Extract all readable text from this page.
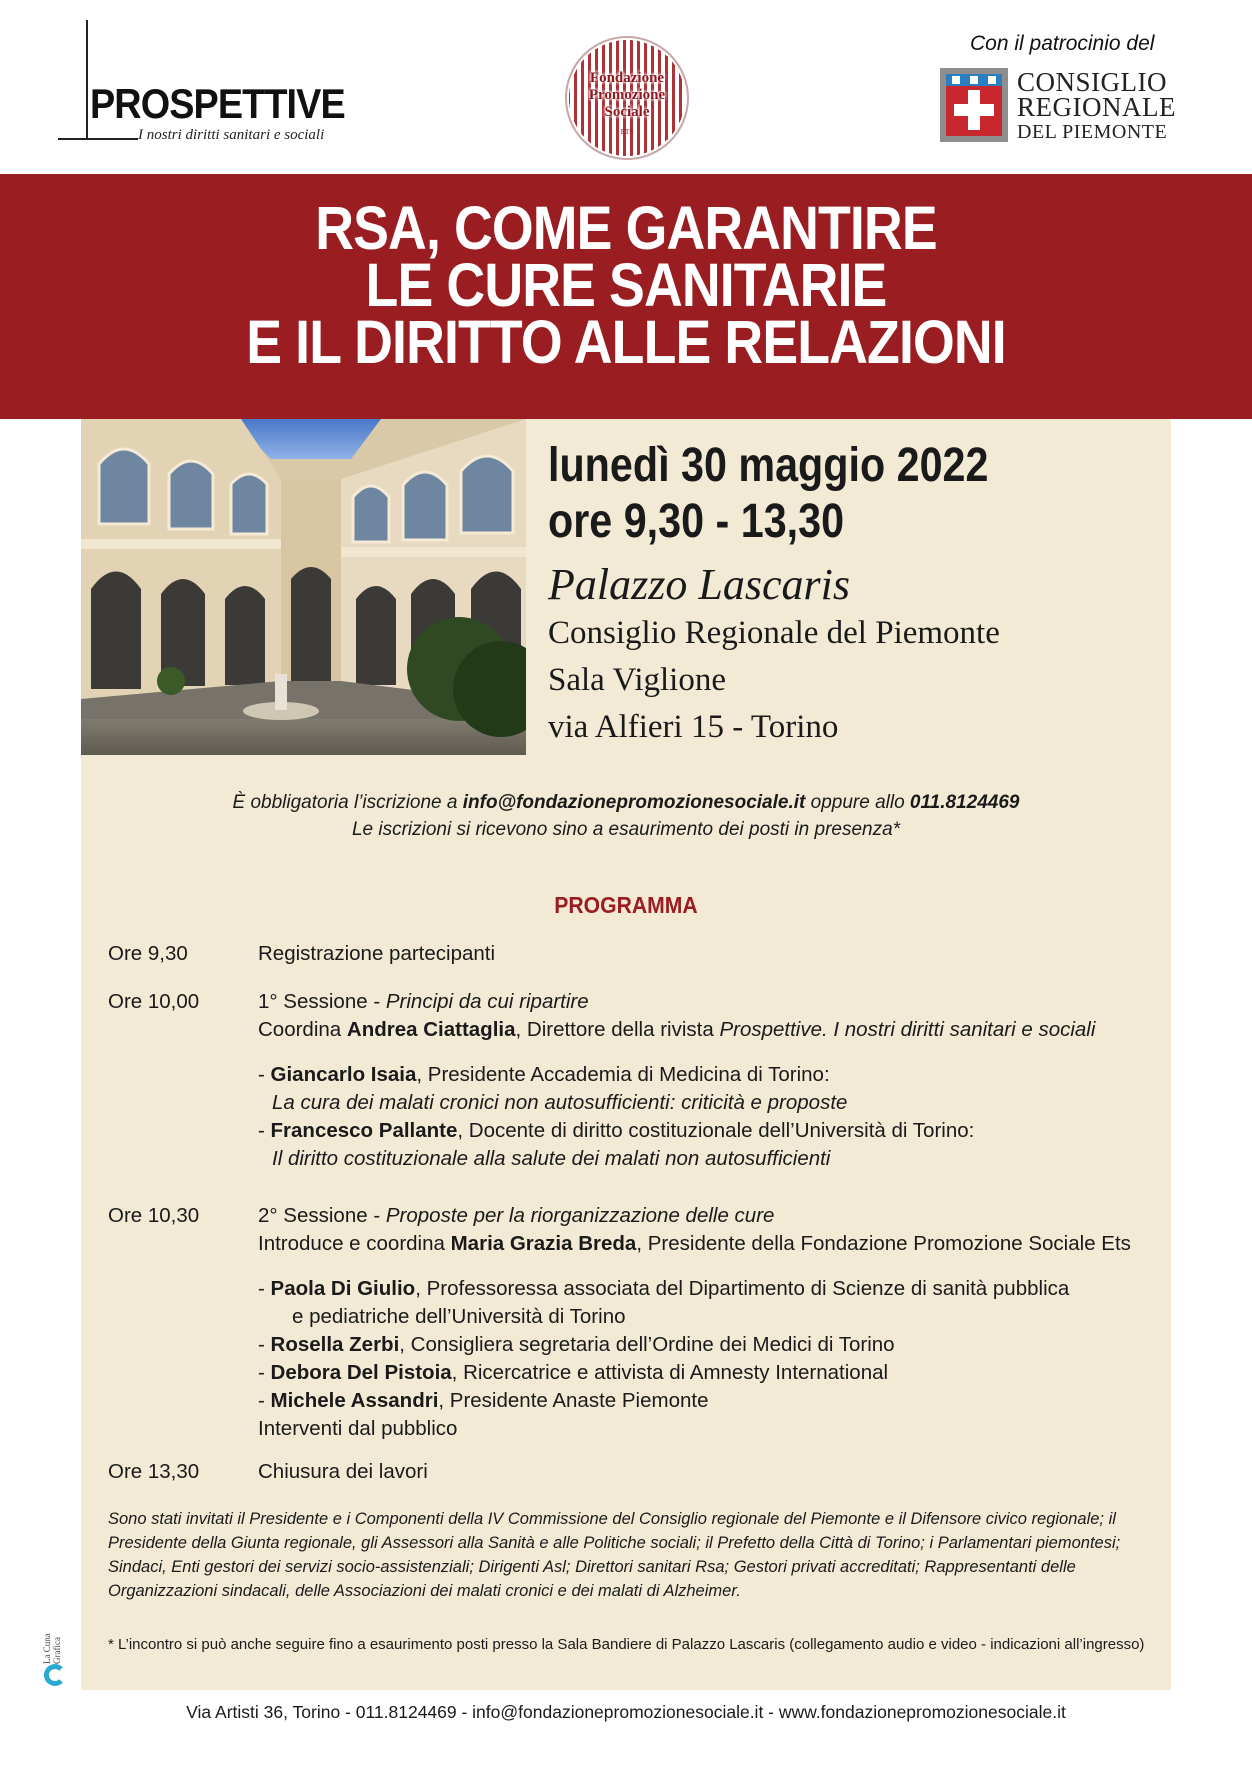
PROSPETTIVE
I nostri diritti sanitari e sociali
Fondazione
Promozione
Sociale
ETS
Con il patrocinio del
CONSIGLIO
REGIONALE
DEL PIEMONTE
RSA, COME GARANTIRE
LE CURE SANITARIE
E IL DIRITTO ALLE RELAZIONI
lunedì 30 maggio 2022
ore 9,30 - 13,30
Palazzo Lascaris
Consiglio Regionale del Piemonte
Sala Viglione
via Alfieri 15 - Torino
È obbligatoria l’iscrizione a info@fondazionepromozionesociale.it oppure allo 011.8124469
Le iscrizioni si ricevono sino a esaurimento dei posti in presenza*
PROGRAMMA
Ore 9,30	Registrazione partecipanti
Ore 10,00	1° Sessione - Principi da cui ripartire
Coordina Andrea Ciattaglia, Direttore della rivista Prospettive. I nostri diritti sanitari e sociali
- Giancarlo Isaia, Presidente Accademia di Medicina di Torino:
La cura dei malati cronici non autosufficienti: criticità e proposte
- Francesco Pallante, Docente di diritto costituzionale dell’Università di Torino:
Il diritto costituzionale alla salute dei malati non autosufficienti
Ore 10,30	2° Sessione - Proposte per la riorganizzazione delle cure
Introduce e coordina Maria Grazia Breda, Presidente della Fondazione Promozione Sociale Ets
- Paola Di Giulio, Professoressa associata del Dipartimento di Scienze di sanità pubblica
e pediatriche dell’Università di Torino
- Rosella Zerbi, Consigliera segretaria dell’Ordine dei Medici di Torino
- Debora Del Pistoia, Ricercatrice e attivista di Amnesty International
- Michele Assandri, Presidente Anaste Piemonte
Interventi dal pubblico
Ore 13,30	Chiusura dei lavori
Sono stati invitati il Presidente e i Componenti della IV Commissione del Consiglio regionale del Piemonte e il Difensore civico regionale; il Presidente della Giunta regionale, gli Assessori alla Sanità e alle Politiche sociali; il Prefetto della Città di Torino; i Parlamentari piemontesi; Sindaci, Enti gestori dei servizi socio-assistenziali; Dirigenti Asl; Direttori sanitari Rsa; Gestori privati accreditati; Rappresentanti delle Organizzazioni sindacali, delle Associazioni dei malati cronici e dei malati di Alzheimer.
* L’incontro si può anche seguire fino a esaurimento posti presso la Sala Bandiere di Palazzo Lascaris (collegamento audio e video - indicazioni all’ingresso)
La Cuna Grafica
Via Artisti 36, Torino - 011.8124469 - info@fondazionepromozionesociale.it - www.fondazionepromozionesociale.it
